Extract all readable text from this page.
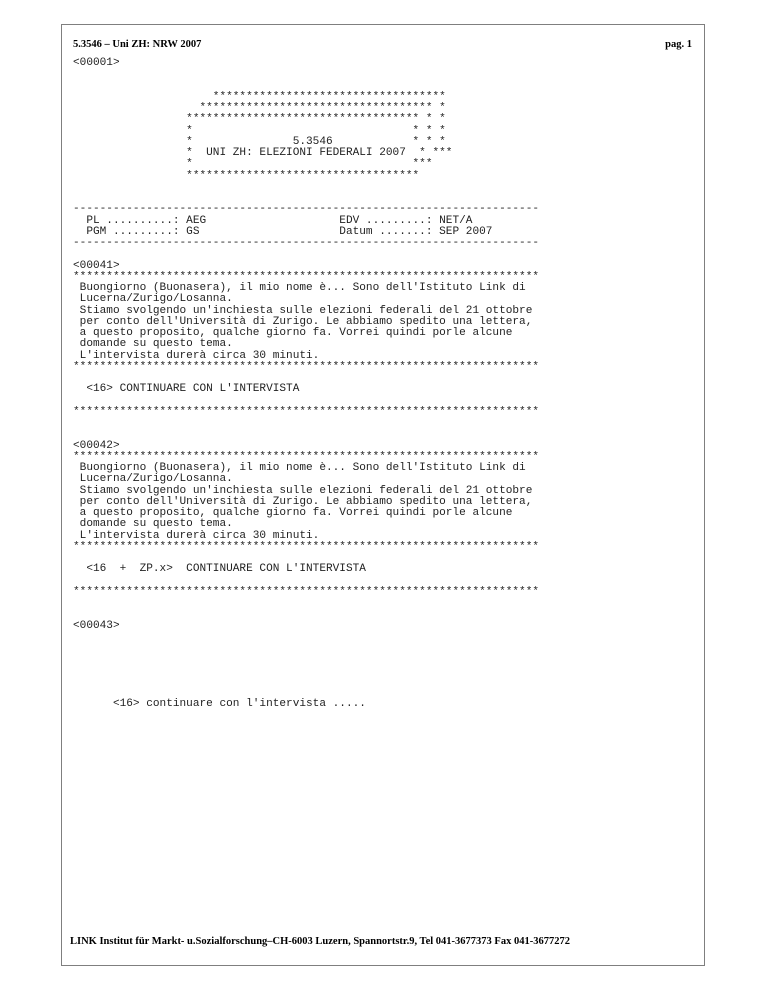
5.3546 – Uni ZH: NRW 2007	pag. 1
<00001>
***********************************
*********************************** *
*********************************** * *
*                                 * * *
*               5.3546            * * *
*  UNI ZH: ELEZIONI FEDERALI 2007  * ***
*                                 ***
***********************************
----------------------------------------------------------------------
PL ..........: AEG                    EDV .........: NET/A
PGM .........: GS                     Datum .......: SEP 2007
----------------------------------------------------------------------
<00041>
**********************************************************************
Buongiorno (Buonasera), il mio nome è... Sono dell'Istituto Link di
Lucerna/Zurigo/Losanna.
Stiamo svolgendo un'inchiesta sulle elezioni federali del 21 ottobre
per conto dell'Università di Zurigo. Le abbiamo spedito una lettera,
a questo proposito, qualche giorno fa. Vorrei quindi porle alcune
domande su questo tema.
L'intervista durerà circa 30 minuti.
**********************************************************************
<16> CONTINUARE CON L'INTERVISTA
**********************************************************************
<00042>
**********************************************************************
Buongiorno (Buonasera), il mio nome è... Sono dell'Istituto Link di
Lucerna/Zurigo/Losanna.
Stiamo svolgendo un'inchiesta sulle elezioni federali del 21 ottobre
per conto dell'Università di Zurigo. Le abbiamo spedito una lettera,
a questo proposito, qualche giorno fa. Vorrei quindi porle alcune
domande su questo tema.
L'intervista durerà circa 30 minuti.
**********************************************************************
<16  +  ZP.x>  CONTINUARE CON L'INTERVISTA
**********************************************************************
<00043>
<16> continuare con l'intervista .....
LINK Institut für Markt- u.Sozialforschung–CH-6003 Luzern, Spannortstr.9, Tel 041-3677373 Fax 041-3677272
